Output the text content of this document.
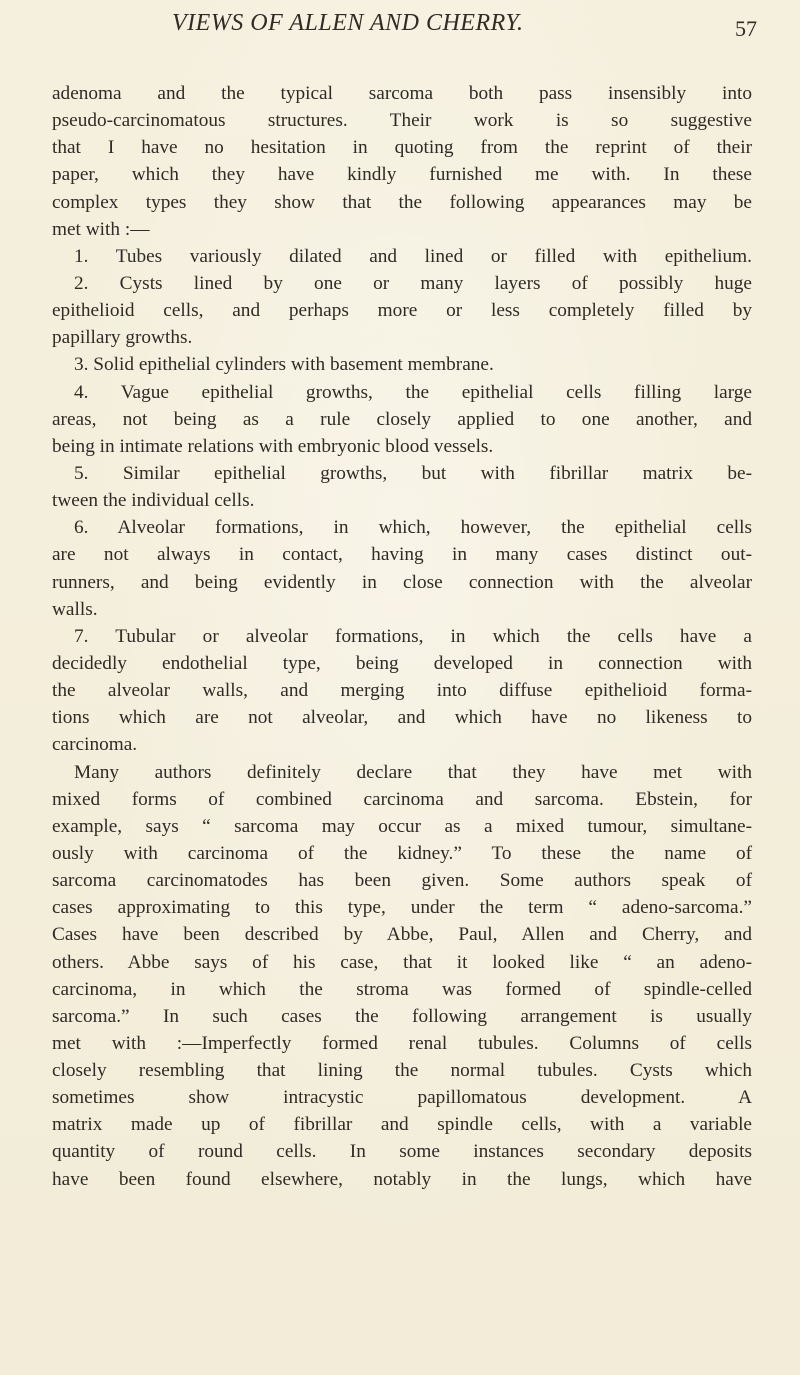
VIEWS OF ALLEN AND CHERRY.	57
adenoma and the typical sarcoma both pass insensibly into
pseudo-carcinomatous structures. Their work is so suggestive
that I have no hesitation in quoting from the reprint of their
paper, which they have kindly furnished me with. In these
complex types they show that the following appearances may be
met with :—
1. Tubes variously dilated and lined or filled with epithelium.
2. Cysts lined by one or many layers of possibly huge
epithelioid cells, and perhaps more or less completely filled by
papillary growths.
3. Solid epithelial cylinders with basement membrane.
4. Vague epithelial growths, the epithelial cells filling large
areas, not being as a rule closely applied to one another, and
being in intimate relations with embryonic blood vessels.
5. Similar epithelial growths, but with fibrillar matrix be-
tween the individual cells.
6. Alveolar formations, in which, however, the epithelial cells
are not always in contact, having in many cases distinct out-
runners, and being evidently in close connection with the alveolar
walls.
7. Tubular or alveolar formations, in which the cells have a
decidedly endothelial type, being developed in connection with
the alveolar walls, and merging into diffuse epithelioid forma-
tions which are not alveolar, and which have no likeness to
carcinoma.
Many authors definitely declare that they have met with
mixed forms of combined carcinoma and sarcoma. Ebstein, for
example, says “ sarcoma may occur as a mixed tumour, simultane-
ously with carcinoma of the kidney.” To these the name of
sarcoma carcinomatodes has been given. Some authors speak of
cases approximating to this type, under the term “ adeno-sarcoma.”
Cases have been described by Abbe, Paul, Allen and Cherry, and
others. Abbe says of his case, that it looked like “ an adeno-
carcinoma, in which the stroma was formed of spindle-celled
sarcoma.” In such cases the following arrangement is usually
met with :—Imperfectly formed renal tubules. Columns of cells
closely resembling that lining the normal tubules. Cysts which
sometimes show intracystic papillomatous development. A
matrix made up of fibrillar and spindle cells, with a variable
quantity of round cells. In some instances secondary deposits
have been found elsewhere, notably in the lungs, which have
